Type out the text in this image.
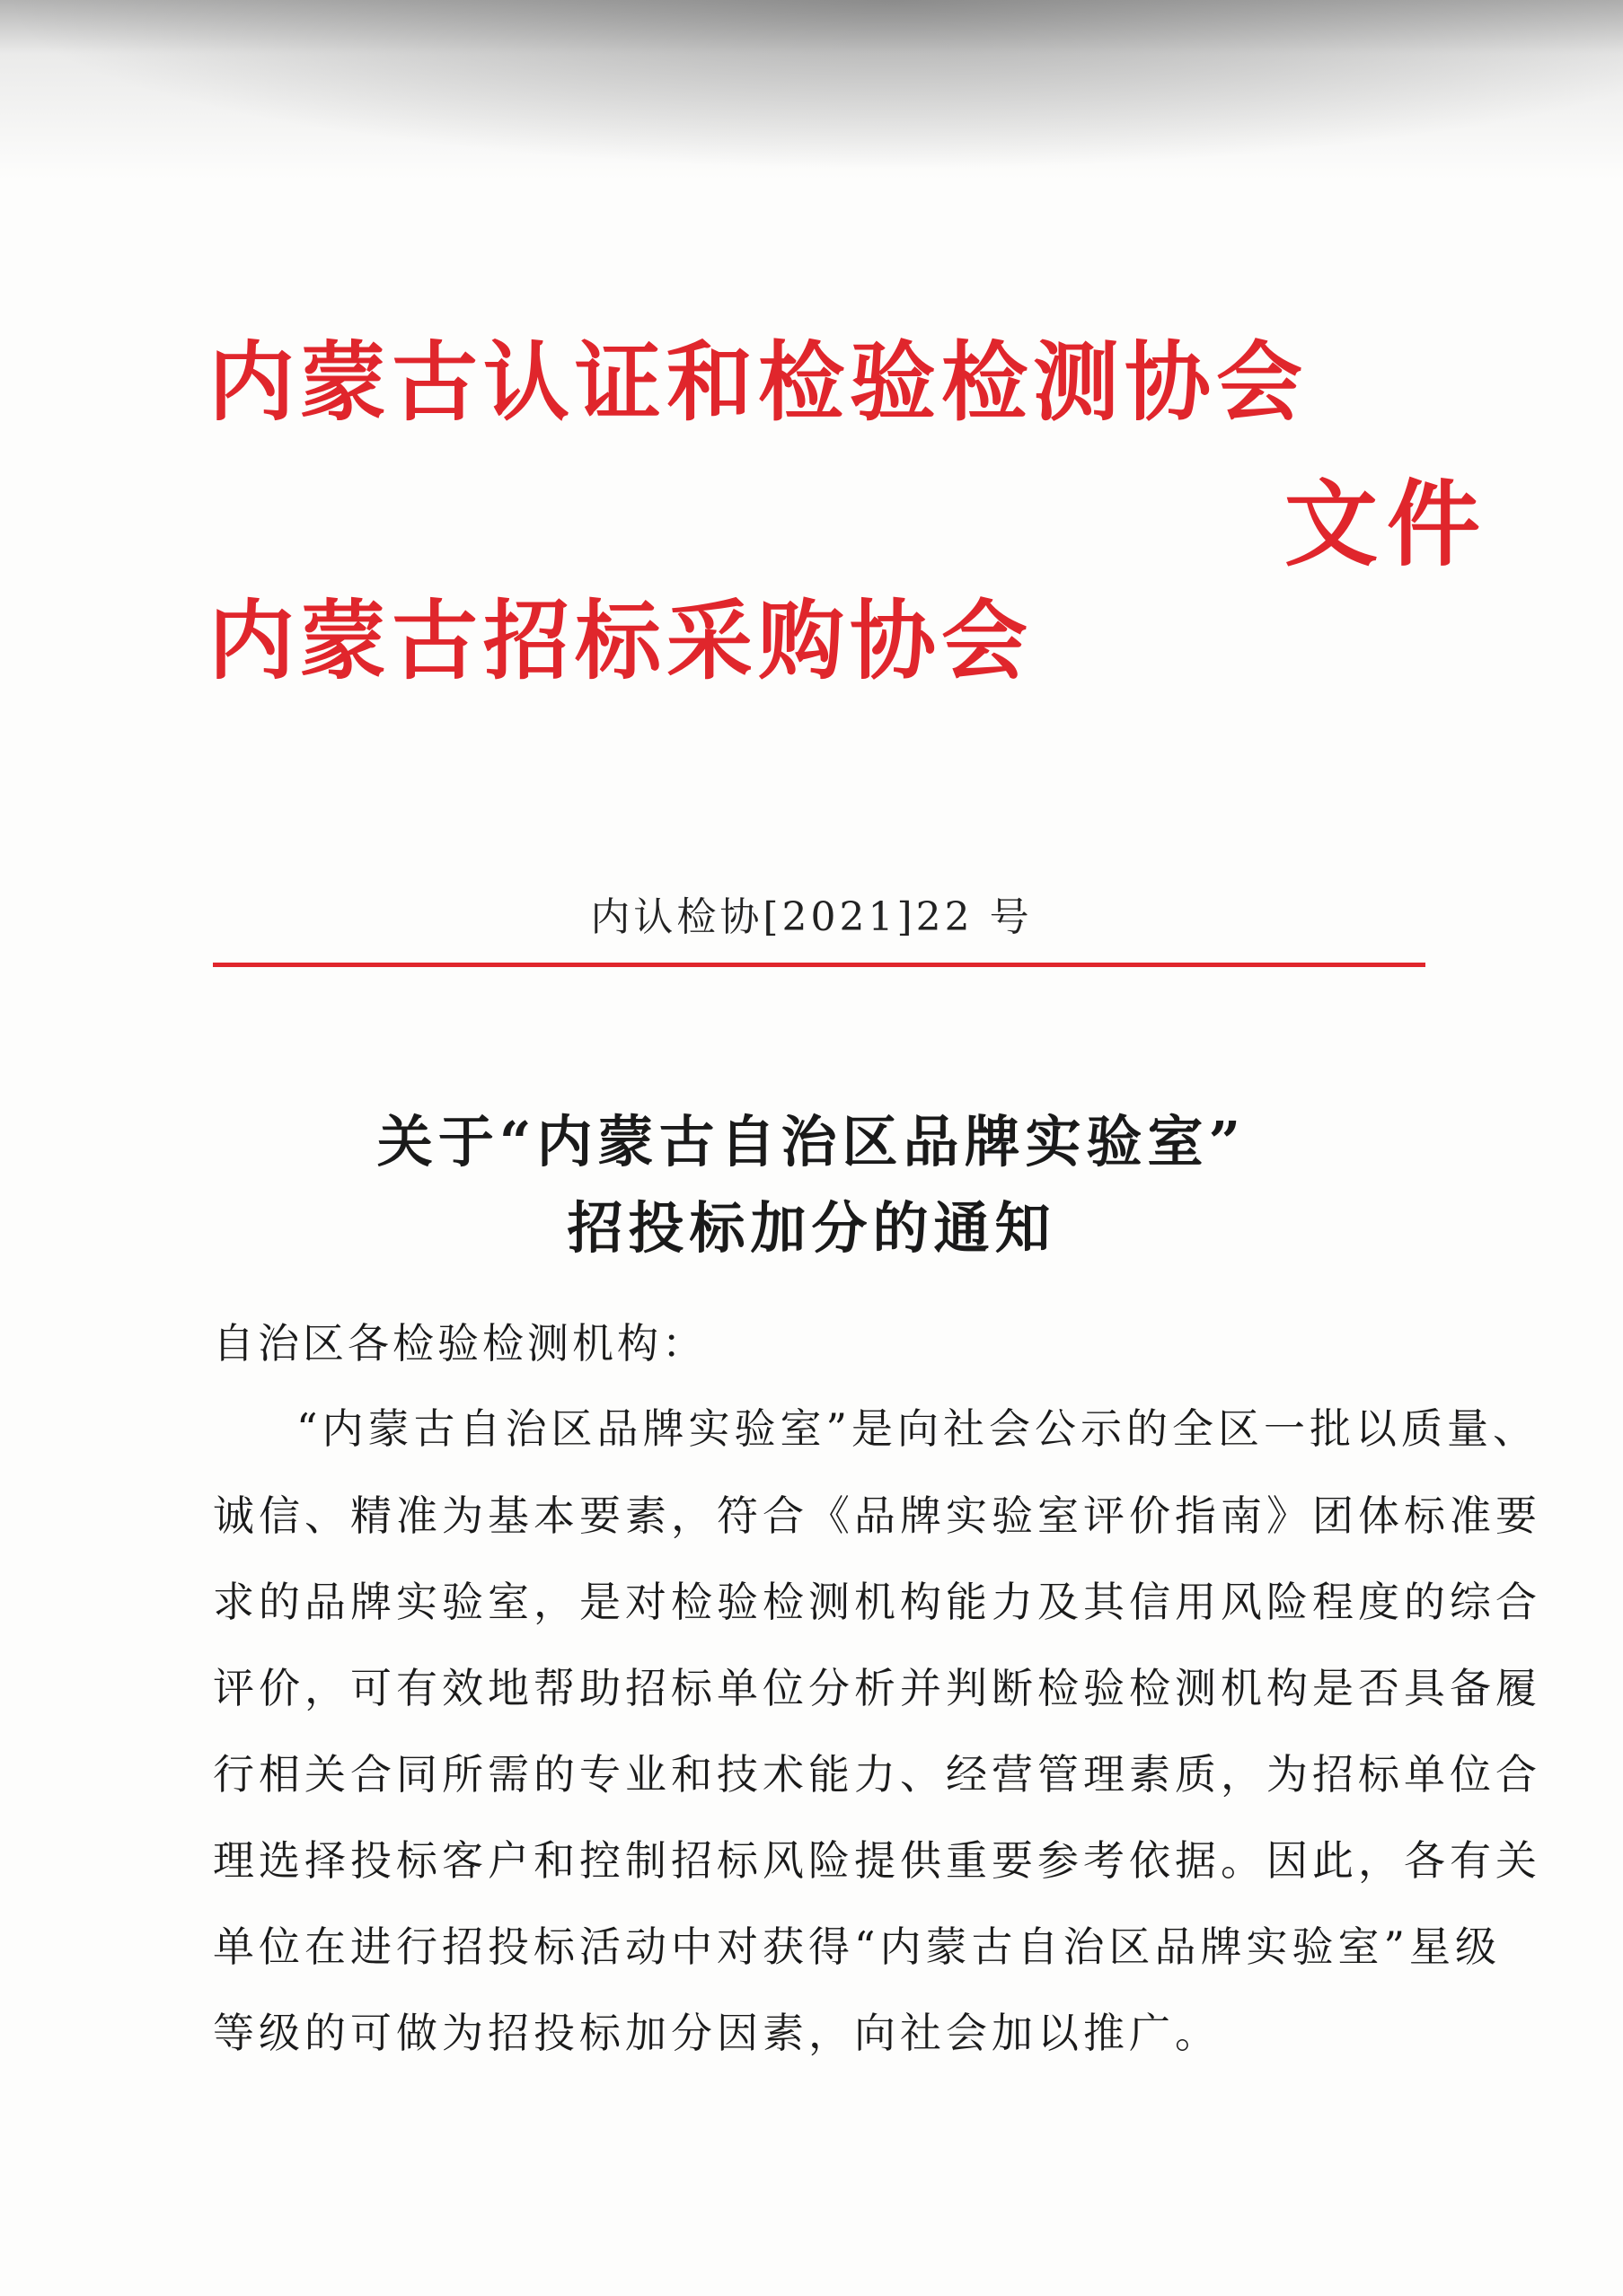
内蒙古认证和检验检测协会
文件
内蒙古招标采购协会
内认检协[2021]22 号
关于“内蒙古自治区品牌实验室”
招投标加分的通知
自治区各检验检测机构：
“内蒙古自治区品牌实验室”是向社会公示的全区一批以质量、
诚信、精准为基本要素，符合《品牌实验室评价指南》团体标准要
求的品牌实验室，是对检验检测机构能力及其信用风险程度的综合
评价，可有效地帮助招标单位分析并判断检验检测机构是否具备履
行相关合同所需的专业和技术能力、经营管理素质，为招标单位合
理选择投标客户和控制招标风险提供重要参考依据。因此，各有关
单位在进行招投标活动中对获得“内蒙古自治区品牌实验室”星级
等级的可做为招投标加分因素，向社会加以推广。
